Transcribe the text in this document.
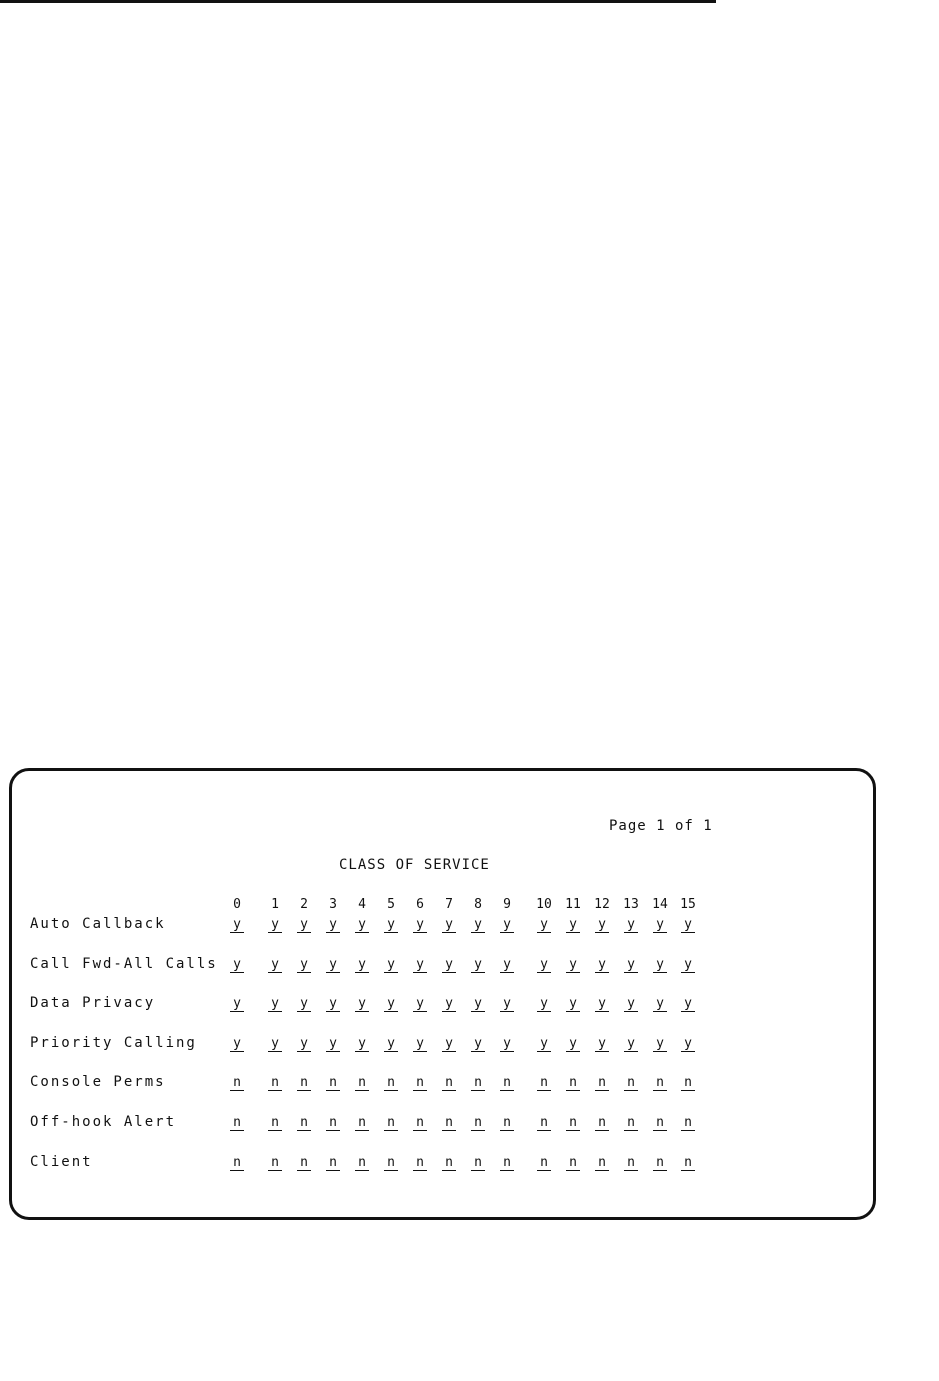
Page 1 of 1
CLASS OF SERVICE
0	1	2	3	4	5	6	7	8	9	10 11 12 13 14 15
Auto Callback	y y y y y y y y y y y y y y y y
Call Fwd-All Calls y y y y y y y y y y y y y y y y
Data Privacy	y y y y y y y y y y y y y y y y
Priority Calling	y y y y y y y y y y y y y y y y
Console Perms	n n n n n n n n n n n n n n n n
Off-hook Alert	n n n n n n n n n n n n n n n n
Client	n n n n n n n n n n n n n n n n
